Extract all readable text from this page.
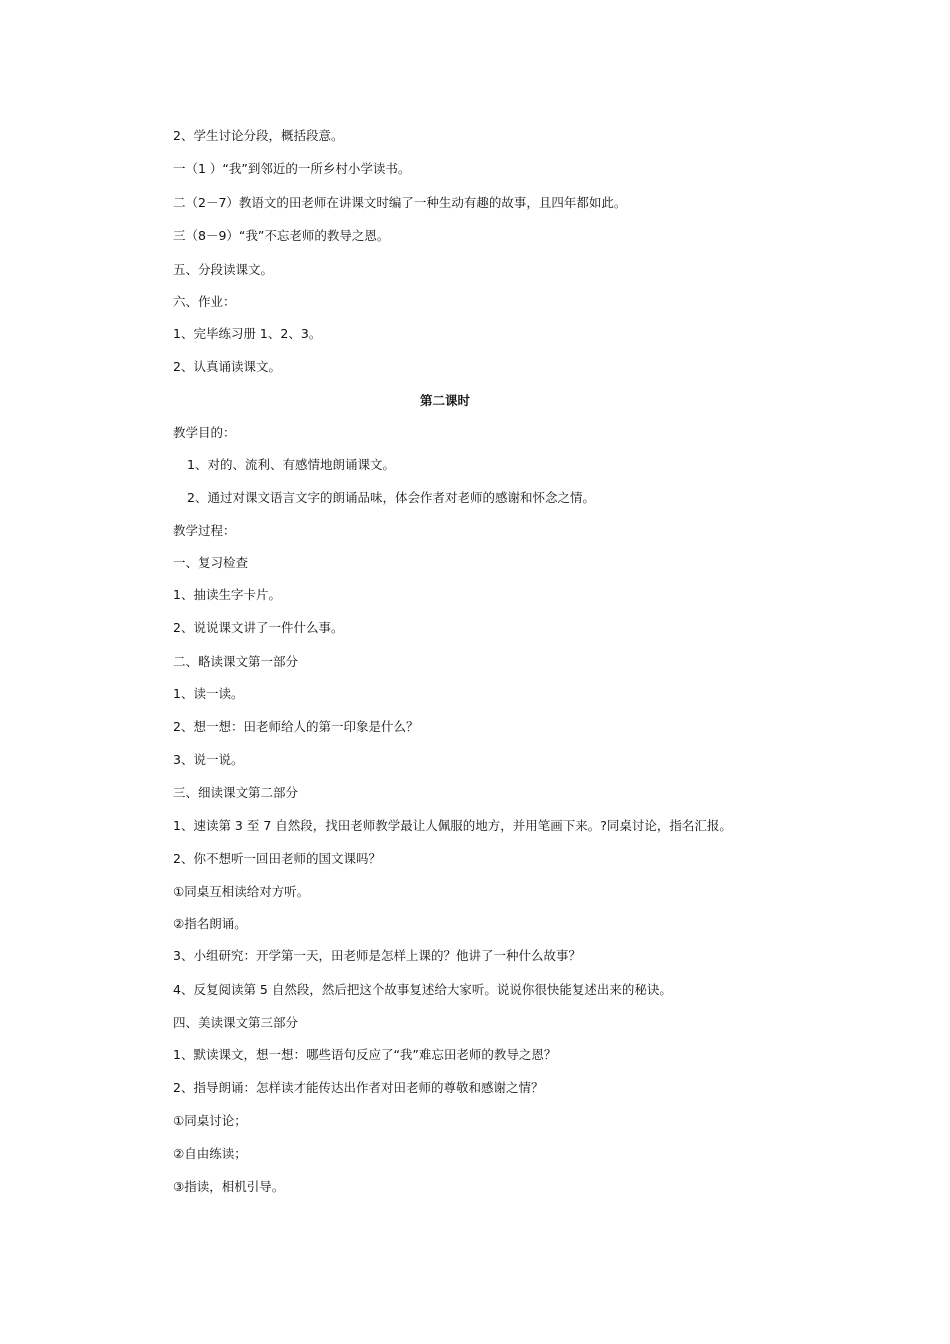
2、学生讨论分段，概括段意。
一（1 ）“我”到邻近的一所乡村小学读书。
二（2－7）教语文的田老师在讲课文时编了一种生动有趣的故事，且四年都如此。
三（8－9）“我”不忘老师的教导之恩。
五、分段读课文。
六、作业：
1、完毕练习册 1、2、3。
2、认真诵读课文。
第二课时
教学目的：
1、对的、流利、有感情地朗诵课文。
2、通过对课文语言文字的朗诵品味，体会作者对老师的感谢和怀念之情。
教学过程：
一、复习检查
1、抽读生字卡片。
2、说说课文讲了一件什么事。
二、略读课文第一部分
1、读一读。
2、想一想：田老师给人的第一印象是什么？
3、说一说。
三、细读课文第二部分
1、速读第 3 至 7 自然段，找田老师教学最让人佩服的地方，并用笔画下来。?同桌讨论，指名汇报。
2、你不想听一回田老师的国文课吗？
①同桌互相读给对方听。
②指名朗诵。
3、小组研究：开学第一天，田老师是怎样上课的？他讲了一种什么故事？
4、反复阅读第 5 自然段，然后把这个故事复述给大家听。说说你很快能复述出来的秘诀。
四、美读课文第三部分
1、默读课文，想一想：哪些语句反应了“我”难忘田老师的教导之恩？
2、指导朗诵：怎样读才能传达出作者对田老师的尊敬和感谢之情？
①同桌讨论；
②自由练读；
③指读，相机引导。
